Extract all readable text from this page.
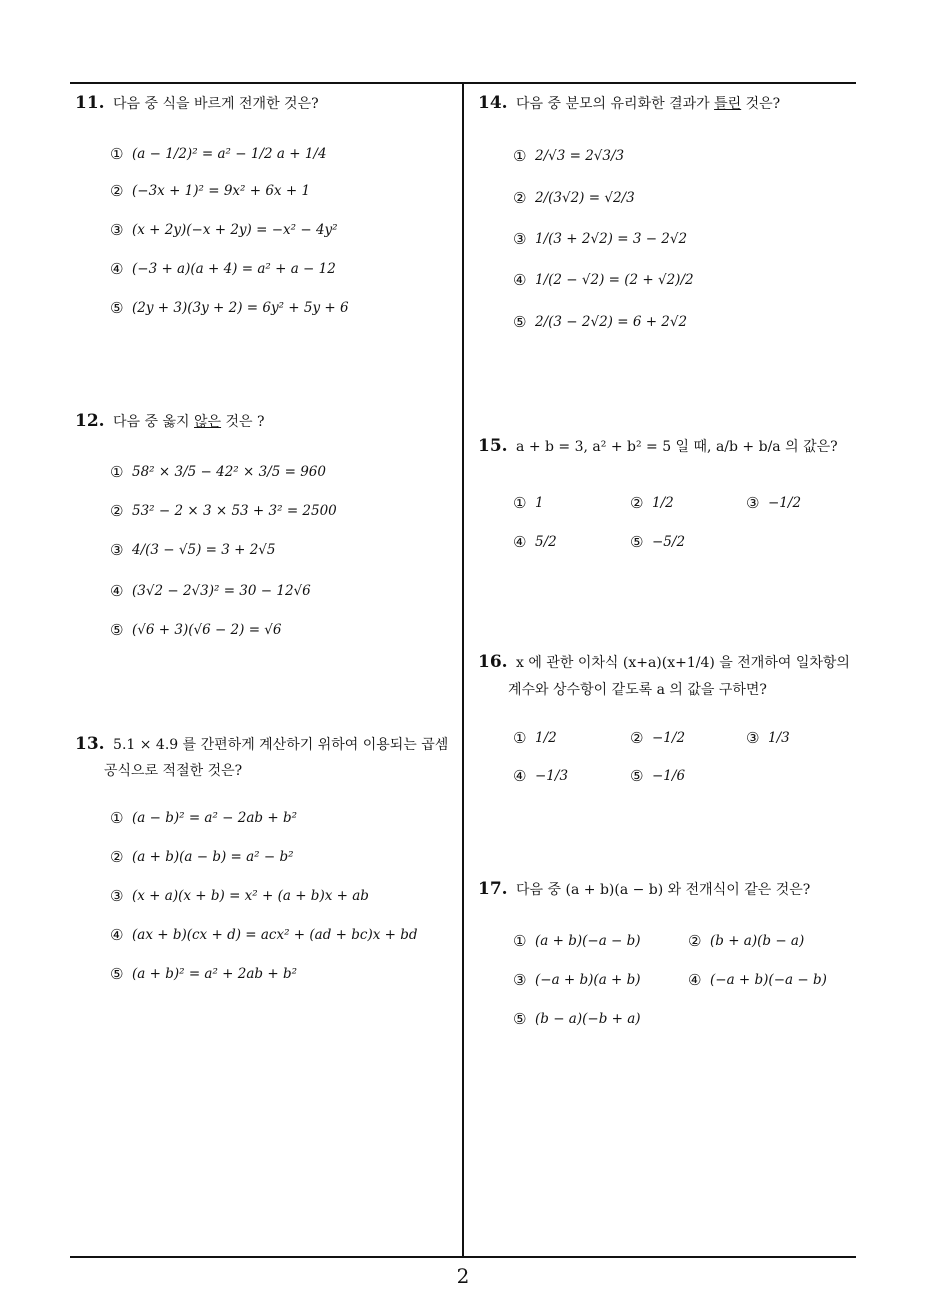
11. 다음 중 식을 바르게 전개한 것은?
① (a − 1/2)² = a² − 1/2 a + 1/4
② (−3x + 1)² = 9x² + 6x + 1
③ (x + 2y)(−x + 2y) = −x² − 4y²
④ (−3 + a)(a + 4) = a² + a − 12
⑤ (2y + 3)(3y + 2) = 6y² + 5y + 6
12. 다음 중 옳지 않은 것은 ?
① 58² × 3/5 − 42² × 3/5 = 960
② 53² − 2 × 3 × 53 + 3² = 2500
③ 4/(3 − √5) = 3 + 2√5
④ (3√2 − 2√3)² = 30 − 12√6
⑤ (√6 + 3)(√6 − 2) = √6
13. 5.1 × 4.9 를 간편하게 계산하기 위하여 이용되는 곱셈
공식으로 적절한 것은?
① (a − b)² = a² − 2ab + b²
② (a + b)(a − b) = a² − b²
③ (x + a)(x + b) = x² + (a + b)x + ab
④ (ax + b)(cx + d) = acx² + (ad + bc)x + bd
⑤ (a + b)² = a² + 2ab + b²
14. 다음 중 분모의 유리화한 결과가 틀린 것은?
① 2/√3 = 2√3/3
② 2/(3√2) = √2/3
③ 1/(3 + 2√2) = 3 − 2√2
④ 1/(2 − √2) = (2 + √2)/2
⑤ 2/(3 − 2√2) = 6 + 2√2
15. a + b = 3, a² + b² = 5 일 때, a/b + b/a 의 값은?
① 1	② 1/2	③ −1/2
④ 5/2	⑤ −5/2
16. x 에 관한 이차식 (x+a)(x+1/4) 을 전개하여 일차항의
계수와 상수항이 같도록 a 의 값을 구하면?
① 1/2	② −1/2	③ 1/3
④ −1/3	⑤ −1/6
17. 다음 중 (a + b)(a − b) 와 전개식이 같은 것은?
① (a + b)(−a − b)	② (b + a)(b − a)
③ (−a + b)(a + b)	④ (−a + b)(−a − b)
⑤ (b − a)(−b + a)
2
